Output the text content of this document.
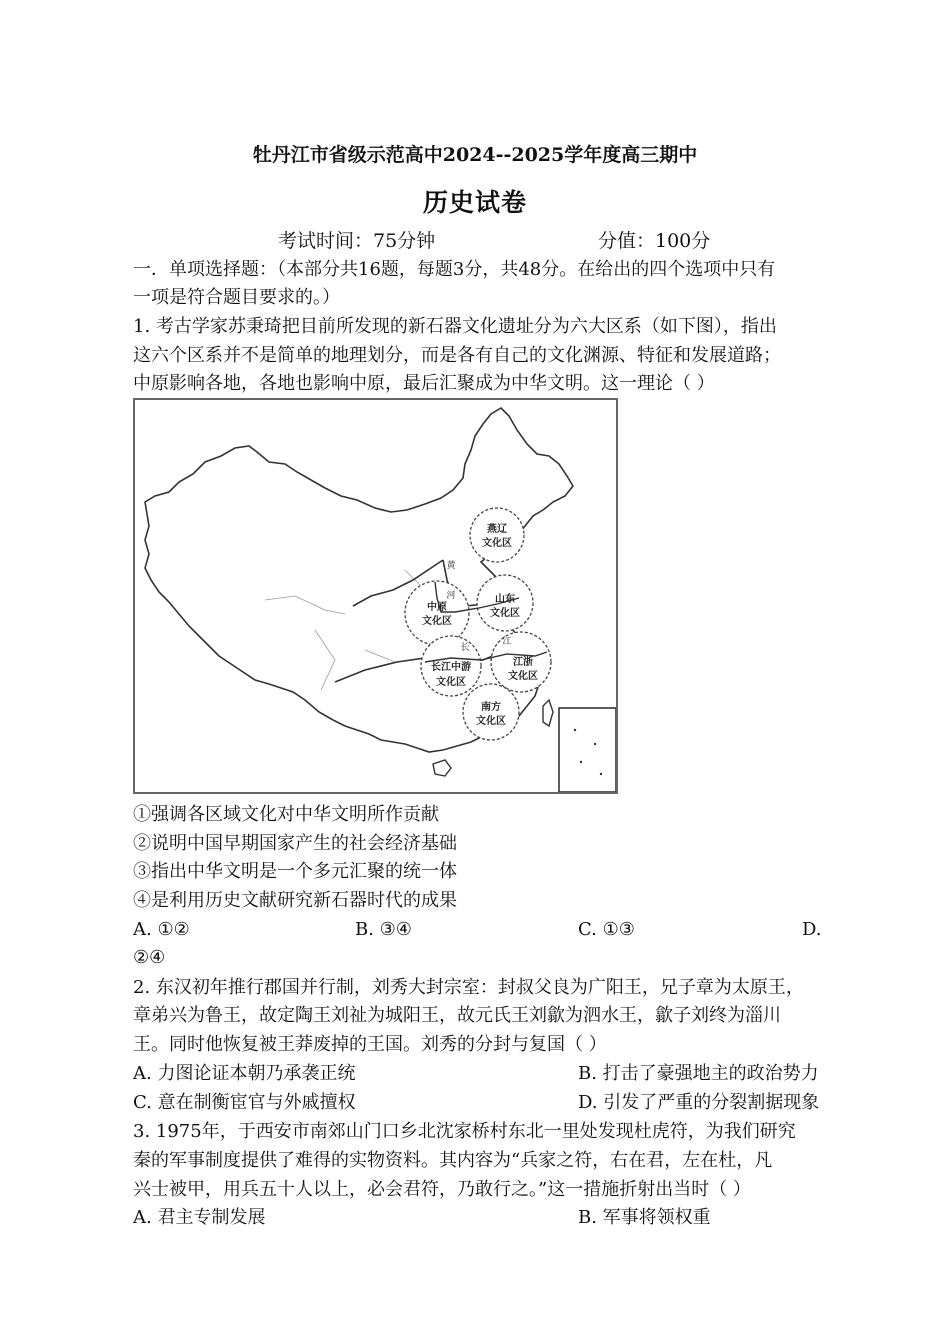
牡丹江市省级示范高中2024--2025学年度高三期中
历史试卷
考试时间：75分钟	分值：100分
一．单项选择题：（本部分共16题，每题3分，共48分。在给出的四个选项中只有
一项是符合题目要求的。）
1. 考古学家苏秉琦把目前所发现的新石器文化遗址分为六大区系（如下图），指出
这六个区系并不是简单的地理划分，而是各有自己的文化渊源、特征和发展道路；
中原影响各地，各地也影响中原，最后汇聚成为中华文明。这一理论（ ）
燕辽
文化区
中原
文化区
山东
文化区
长江中游
文化区
江浙
文化区
南方
文化区
黄
河
长
江
①强调各区域文化对中华文明所作贡献
②说明中国早期国家产生的社会经济基础
③指出中华文明是一个多元汇聚的统一体
④是利用历史文献研究新石器时代的成果
A. ①②	B. ③④	C. ①③	D.
②④
2. 东汉初年推行郡国并行制，刘秀大封宗室：封叔父良为广阳王，兄子章为太原王，
章弟兴为鲁王，故定陶王刘祉为城阳王，故元氏王刘歙为泗水王，歙子刘终为淄川
王。同时他恢复被王莽废掉的王国。刘秀的分封与复国（ ）
A. 力图论证本朝乃承袭正统	B. 打击了豪强地主的政治势力
C. 意在制衡宦官与外戚擅权	D. 引发了严重的分裂割据现象
3. 1975年，于西安市南郊山门口乡北沈家桥村东北一里处发现杜虎符，为我们研究
秦的军事制度提供了难得的实物资料。其内容为“兵家之符，右在君，左在杜，凡
兴士被甲，用兵五十人以上，必会君符，乃敢行之。”这一措施折射出当时（ ）
A. 君主专制发展	B. 军事将领权重
